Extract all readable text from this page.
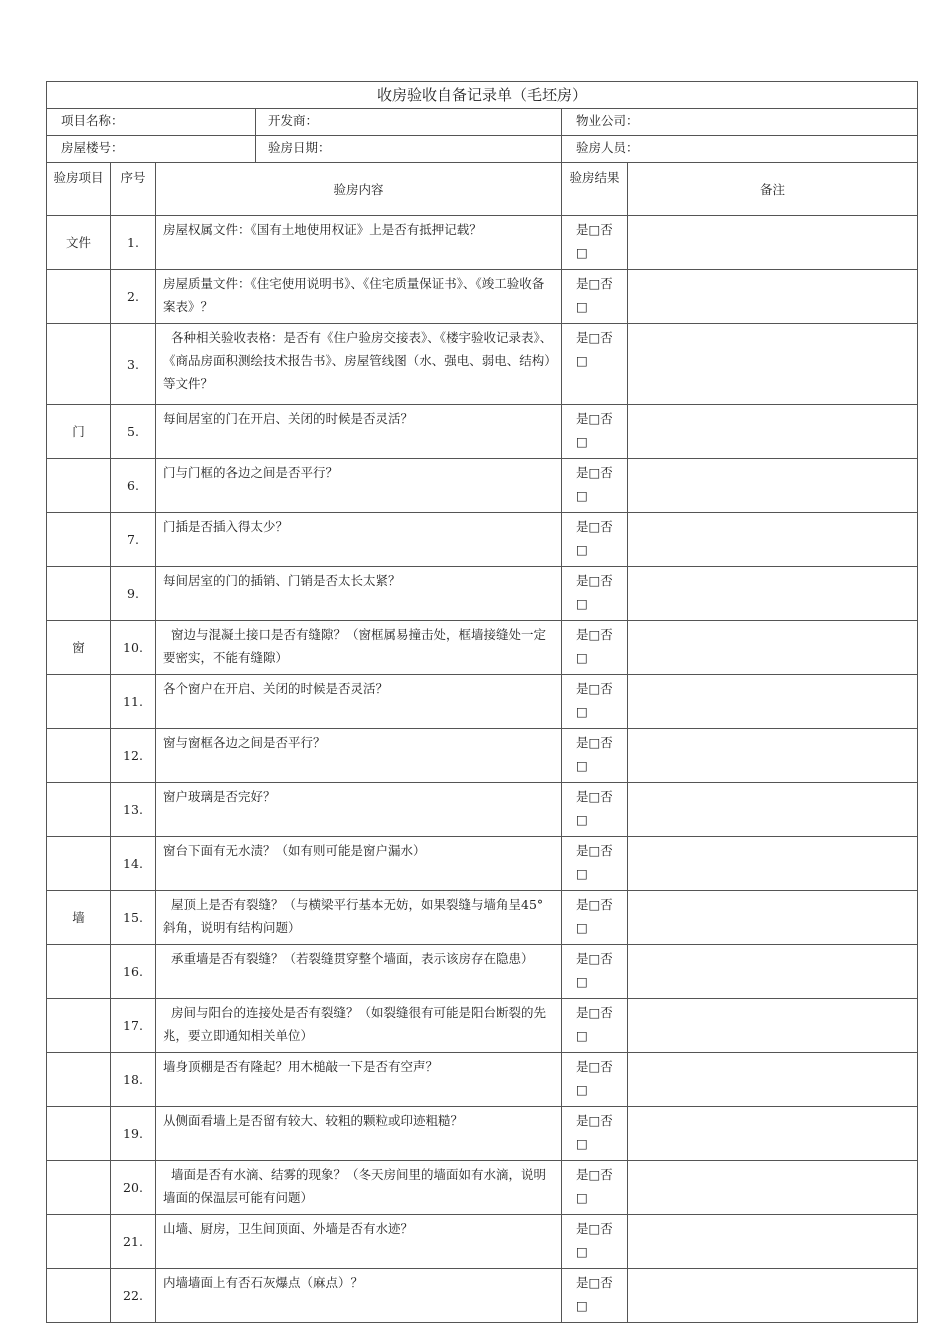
收房验收自备记录单（毛坯房）					
项目名称：			开发商：	物业公司：	
房屋楼号：			验房日期：	验房人员：	
验房项目	序号	验房内容		验房结果	备注
文件	1.	房屋权属文件：《国有土地使用权证》上是否有抵押记载？		是□否
□	

	2.	房屋质量文件：《住宅使用说明书》、《住宅质量保证书》、《竣工验收备案表》？		是□否
□	

	3.	各种相关验收表格：是否有《住户验房交接表》、《楼宇验收记录表》、《商品房面积测绘技术报告书》、房屋管线图（水、强电、弱电、结构）等文件？		是□否
□	

门	5.	每间居室的门在开启、关闭的时候是否灵活？		是□否
□	

	6.	门与门框的各边之间是否平行？		是□否
□	

	7.	门插是否插入得太少？		是□否
□	

	9.	每间居室的门的插销、门销是否太长太紧？		是□否
□	

窗	10.	窗边与混凝土接口是否有缝隙？（窗框属易撞击处，框墙接缝处一定要密实，不能有缝隙）		是□否
□	

	11.	各个窗户在开启、关闭的时候是否灵活？		是□否
□	

	12.	窗与窗框各边之间是否平行？		是□否
□	

	13.	窗户玻璃是否完好？		是□否
□	

	14.	窗台下面有无水渍？（如有则可能是窗户漏水）		是□否
□	

墙	15.	屋顶上是否有裂缝？（与横梁平行基本无妨，如果裂缝与墙角呈45°斜角，说明有结构问题）		是□否
□	

	16.	承重墙是否有裂缝？（若裂缝贯穿整个墙面，表示该房存在隐患）		是□否
□	

	17.	房间与阳台的连接处是否有裂缝？（如裂缝很有可能是阳台断裂的先兆，要立即通知相关单位）		是□否
□	

	18.	墙身顶棚是否有隆起？用木槌敲一下是否有空声？		是□否
□	

	19.	从侧面看墙上是否留有较大、较粗的颗粒或印迹粗糙？		是□否
□	

	20.	墙面是否有水滴、结雾的现象？（冬天房间里的墙面如有水滴，说明墙面的保温层可能有问题）		是□否
□	

	21.	山墙、厨房，卫生间顶面、外墙是否有水迹？		是□否
□	

	22.	内墙墙面上有否石灰爆点（麻点）？		是□否
□	
